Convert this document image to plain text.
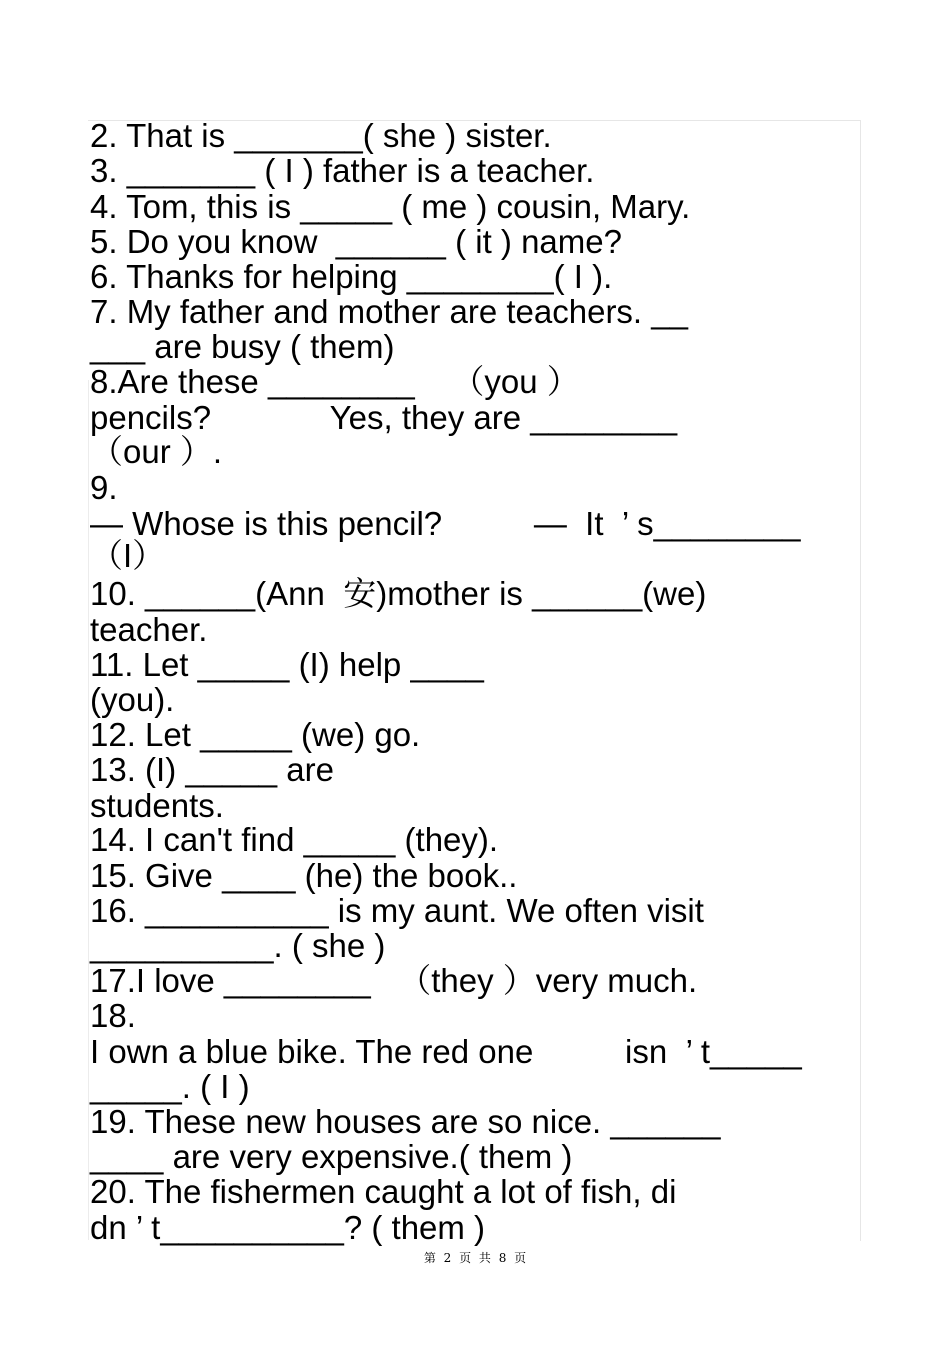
2. That is _______( she ) sister.
3. _______ ( I ) father is a teacher.
4. Tom, this is _____ ( me ) cousin, Mary.
5. Do you know  ______ ( it ) name?
6. Thanks for helping ________( I ).
7. My father and mother are teachers. __
___ are busy ( them)
8.Are these ________    （you ）
pencils?             Yes, they are ________
（our ）.
9.
— Whose is this pencil?          —  It  ’ s________
（I）
10. ______(Ann  安)mother is ______(we)
teacher.
11. Let _____ (I) help ____
(you).
12. Let _____ (we) go.
13. (I) _____ are
students.
14. I can't find _____ (they).
15. Give ____ (he) the book..
16. __________ is my aunt. We often visit
__________. ( she )
17.I love ________   （they ）very much.
18.
I own a blue bike. The red one          isn  ’ t_____
_____. ( I )
19. These new houses are so nice. ______
____ are very expensive.( them )
20. The fishermen caught a lot of fish, di
dn ’ t__________? ( them )
第 2 页 共 8 页
